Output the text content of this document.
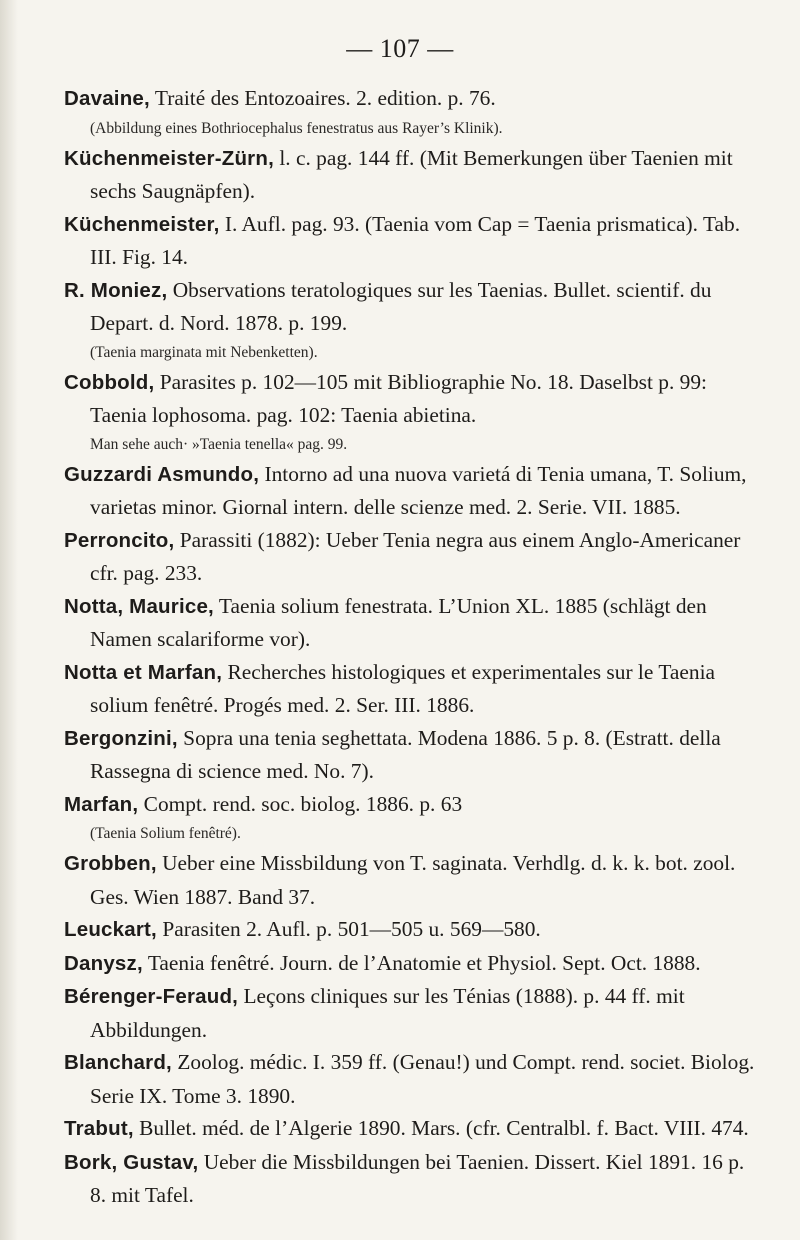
— 107 —
Davaine, Traité des Entozoaires. 2. edition. p. 76.
(Abbildung eines Bothriocephalus fenestratus aus Rayer’s Klinik).
Küchenmeister-Zürn, l. c. pag. 144 ff. (Mit Bemerkungen über Taenien mit sechs Saugnäpfen).
Küchenmeister, I. Aufl. pag. 93. (Taenia vom Cap = Taenia prismatica). Tab. III. Fig. 14.
R. Moniez, Observations teratologiques sur les Taenias. Bullet. scientif. du Depart. d. Nord. 1878. p. 199.
(Taenia marginata mit Nebenketten).
Cobbold, Parasites p. 102—105 mit Bibliographie No. 18. Daselbst p. 99: Taenia lophosoma. pag. 102: Taenia abietina.
Man sehe auch· »Taenia tenella« pag. 99.
Guzzardi Asmundo, Intorno ad una nuova varietá di Tenia umana, T. Solium, varietas minor. Giornal intern. delle scienze med. 2. Serie. VII. 1885.
Perroncito, Parassiti (1882): Ueber Tenia negra aus einem Anglo-Americaner cfr. pag. 233.
Notta, Maurice, Taenia solium fenestrata. L’Union XL. 1885 (schlägt den Namen scalariforme vor).
Notta et Marfan, Recherches histologiques et experimentales sur le Taenia solium fenêtré. Progés med. 2. Ser. III. 1886.
Bergonzini, Sopra una tenia seghettata. Modena 1886. 5 p. 8. (Estratt. della Rassegna di science med. No. 7).
Marfan, Compt. rend. soc. biolog. 1886. p. 63
(Taenia Solium fenêtré).
Grobben, Ueber eine Missbildung von T. saginata. Verhdlg. d. k. k. bot. zool. Ges. Wien 1887. Band 37.
Leuckart, Parasiten 2. Aufl. p. 501—505 u. 569—580.
Danysz, Taenia fenêtré. Journ. de l’Anatomie et Physiol. Sept. Oct. 1888.
Bérenger-Feraud, Leçons cliniques sur les Ténias (1888). p. 44 ff. mit Abbildungen.
Blanchard, Zoolog. médic. I. 359 ff. (Genau!) und Compt. rend. societ. Biolog. Serie IX. Tome 3. 1890.
Trabut, Bullet. méd. de l’Algerie 1890. Mars. (cfr. Centralbl. f. Bact. VIII. 474.
Bork, Gustav, Ueber die Missbildungen bei Taenien. Dissert. Kiel 1891. 16 p. 8. mit Tafel.
